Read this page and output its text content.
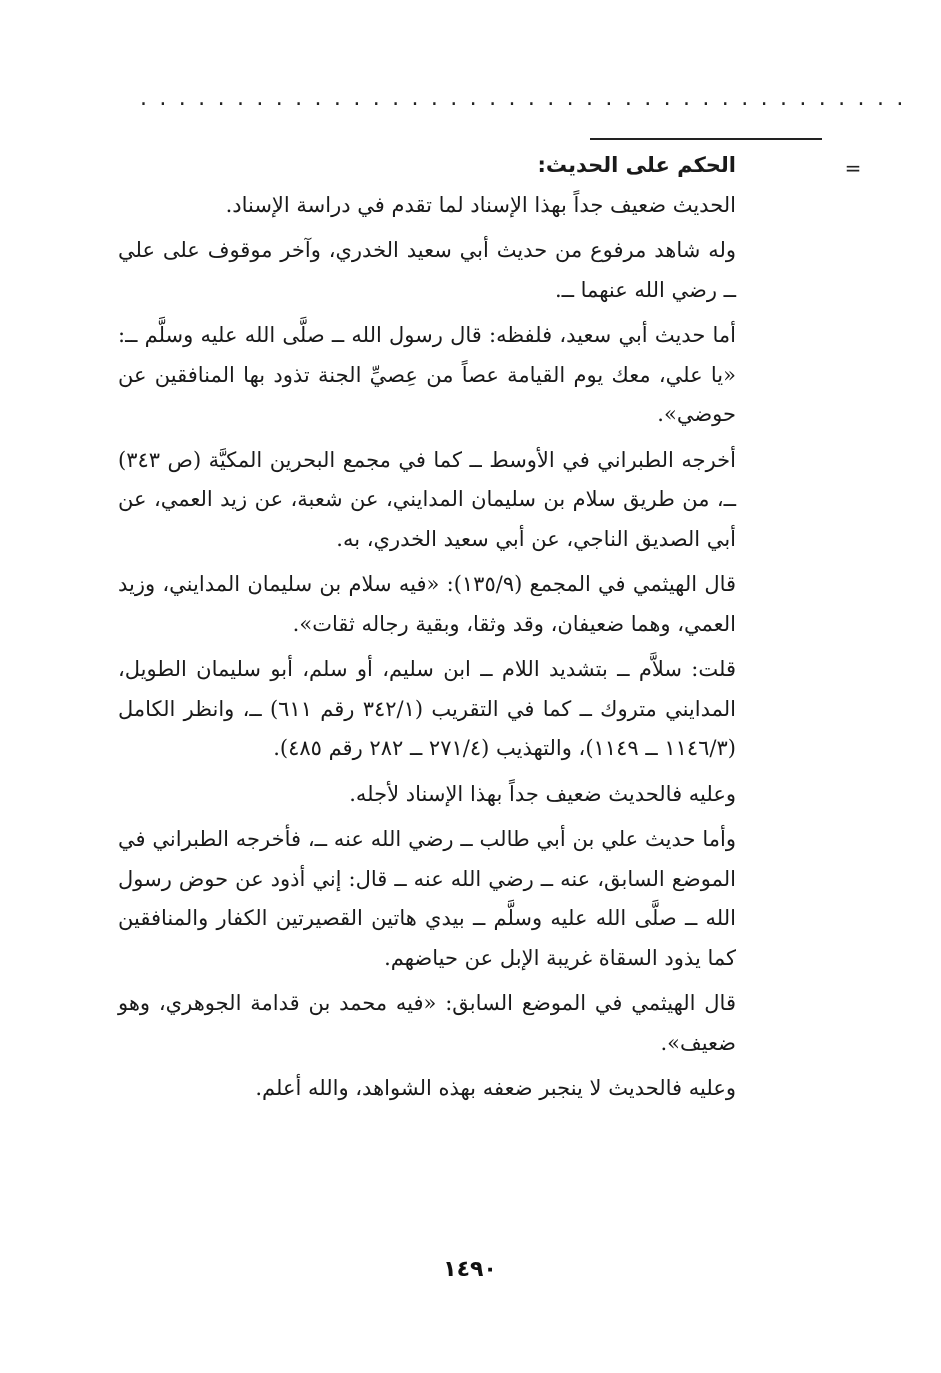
........................................
=
الحكم على الحديث:

الحديث ضعيف جداً بهذا الإسناد لما تقدم في دراسة الإسناد.

وله شاهد مرفوع من حديث أبي سعيد الخدري، وآخر موقوف على علي ــ رضي الله عنهما ــ.

أما حديث أبي سعيد، فلفظه: قال رسول الله ــ صلَّى الله عليه وسلَّم ــ: «يا علي، معك يوم القيامة عصاً من عِصيِّ الجنة تذود بها المنافقين عن حوضي».

أخرجه الطبراني في الأوسط ــ كما في مجمع البحرين المكيَّة (ص ٣٤٣) ــ، من طريق سلام بن سليمان المدايني، عن شعبة، عن زيد العمي، عن أبي الصديق الناجي، عن أبي سعيد الخدري، به.

قال الهيثمي في المجمع (١٣٥/٩): «فيه سلام بن سليمان المدايني، وزيد العمي، وهما ضعيفان، وقد وثقا، وبقية رجاله ثقات».

قلت: سلاَّم ــ بتشديد اللام ــ ابن سليم، أو سلم، أبو سليمان الطويل، المدايني متروك ــ كما في التقريب (٣٤٢/١ رقم ٦١١) ــ، وانظر الكامل (١١٤٦/٣ ــ ١١٤٩)، والتهذيب (٢٧١/٤ ــ ٢٨٢ رقم ٤٨٥).

وعليه فالحديث ضعيف جداً بهذا الإسناد لأجله.

وأما حديث علي بن أبي طالب ــ رضي الله عنه ــ، فأخرجه الطبراني في الموضع السابق، عنه ــ رضي الله عنه ــ قال: إني أذود عن حوض رسول الله ــ صلَّى الله عليه وسلَّم ــ بيدي هاتين القصيرتين الكفار والمنافقين كما يذود السقاة غريبة الإبل عن حياضهم.

قال الهيثمي في الموضع السابق: «فيه محمد بن قدامة الجوهري، وهو ضعيف».

وعليه فالحديث لا ينجبر ضعفه بهذه الشواهد، والله أعلم.

١٤٩٠
